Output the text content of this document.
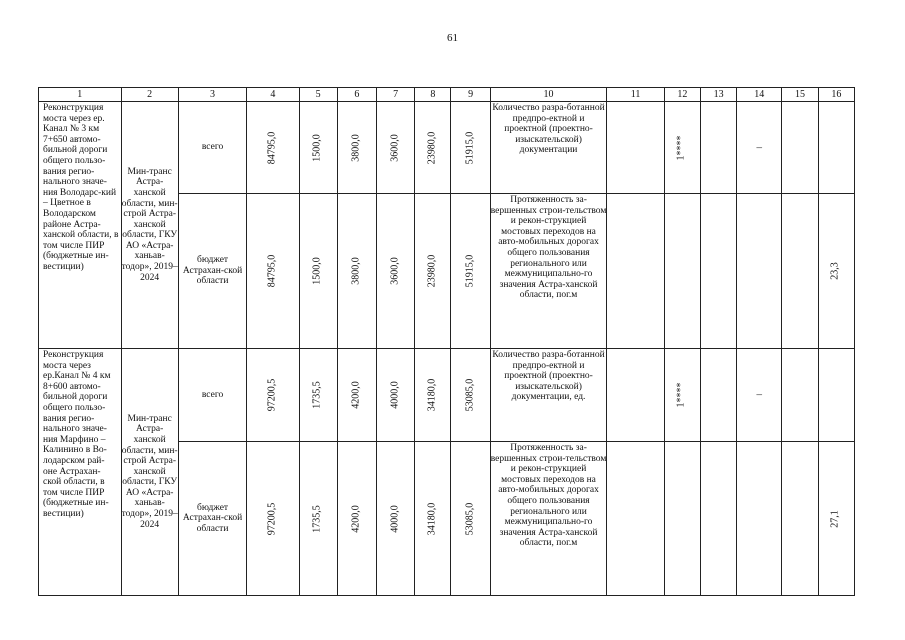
61
1	2	3	4	5	6	7	8	9	10	11	12	13	14	15	16
Реконструкция моста через ер. Канал № 3 км 7+650 автомо-бильной дороги общего пользо-вания регио-нального значе-ния Володарс-кий – Цветное в Володарском районе Астра-ханской области, в том числе ПИР (бюджетные ин-вестиции)	Мин-транс Астра-ханской области, мин-строй Астра-ханской области, ГКУ АО «Астра-ханьав-тодор», 2019–2024	всего	84795,0	1500,0	3800,0	3600,0	23980,0	51915,0	Количество разра-ботанной предпро-ектной и проектной (проектно-изыскательской) документации		1****		–		

		бюджет Астрахан-ской области	84795,0	1500,0	3800,0	3600,0	23980,0	51915,0	Протяженность за-вершенных строи-тельством и рекон-струкцией мостовых переходов на авто-мобильных дорогах общего пользования регионального или межмуниципально-го значения Астра-ханской области, пог.м						23,3

Реконструкция моста через ер.Канал № 4 км 8+600 автомо-бильной дороги общего пользо-вания регио-нального значе-ния Марфино – Калинино в Во-лодарском рай-оне Астрахан-ской области, в том числе ПИР (бюджетные ин-вестиции)	Мин-транс Астра-ханской области, мин-строй Астра-ханской области, ГКУ АО «Астра-ханьав-тодор», 2019–2024	всего	97200,5	1735,5	4200,0	4000,0	34180,0	53085,0	Количество разра-ботанной предпро-ектной и проектной (проектно-изыскательской) документации, ед.		1****		–		

		бюджет Астрахан-ской области	97200,5	1735,5	4200,0	4000,0	34180,0	53085,0	Протяженность за-вершенных строи-тельством и рекон-струкцией мостовых переходов на авто-мобильных дорогах общего пользования регионального или межмуниципально-го значения Астра-ханской области, пог.м						27,1
